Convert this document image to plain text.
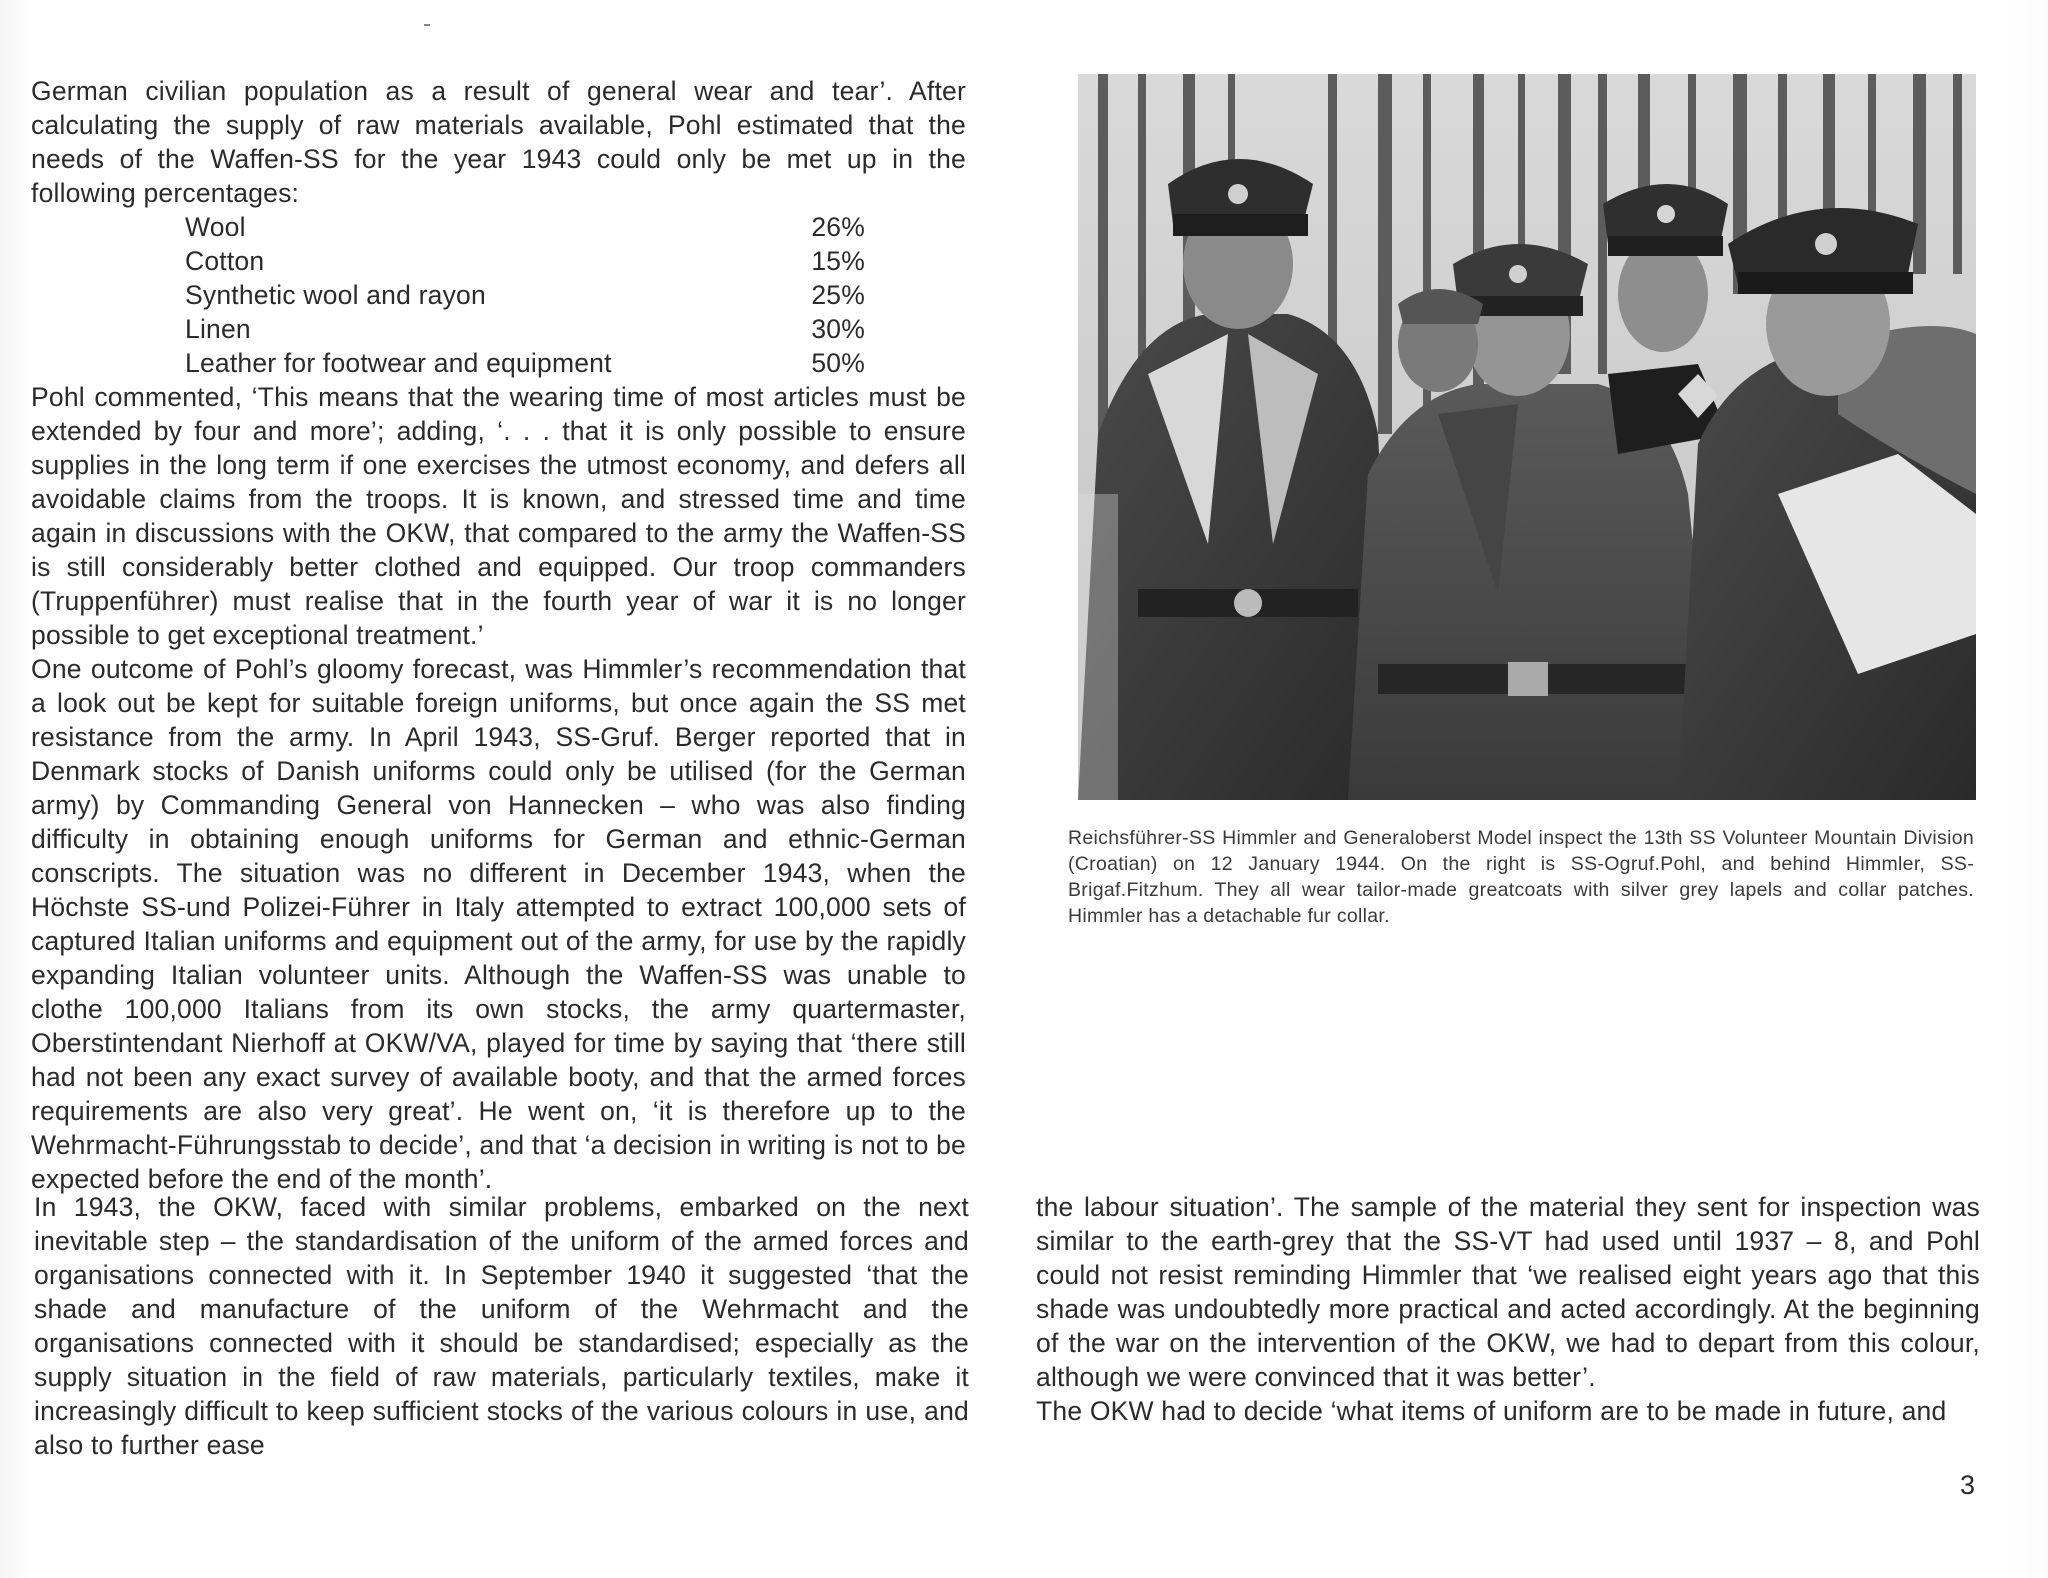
German civilian population as a result of general wear and tear’. After calculating the supply of raw materials available, Pohl estimated that the needs of the Waffen-SS for the year 1943 could only be met up in the following percentages:

Wool	26%
Cotton	15%
Synthetic wool and rayon	25%
Linen	30%
Leather for footwear and equipment	50%

Pohl commented, ‘This means that the wearing time of most articles must be extended by four and more’; adding, ‘. . . that it is only possible to ensure supplies in the long term if one exercises the utmost economy, and defers all avoidable claims from the troops. It is known, and stressed time and time again in discussions with the OKW, that compared to the army the Waffen-SS is still considerably better clothed and equipped. Our troop commanders (Truppenführer) must realise that in the fourth year of war it is no longer possible to get exceptional treatment.’

One outcome of Pohl’s gloomy forecast, was Himmler’s recommendation that a look out be kept for suitable foreign uniforms, but once again the SS met resistance from the army. In April 1943, SS-Gruf. Berger reported that in Denmark stocks of Danish uniforms could only be utilised (for the German army) by Commanding General von Hannecken – who was also finding difficulty in obtaining enough uniforms for German and ethnic-German conscripts. The situation was no different in December 1943, when the Höchste SS-und Polizei-Führer in Italy attempted to extract 100,000 sets of captured Italian uniforms and equipment out of the army, for use by the rapidly expanding Italian volunteer units. Although the Waffen-SS was unable to clothe 100,000 Italians from its own stocks, the army quartermaster, Oberstintendant Nierhoff at OKW/VA, played for time by saying that ‘there still had not been any exact survey of available booty, and that the armed forces requirements are also very great’. He went on, ‘it is therefore up to the Wehrmacht-Führungsstab to decide’, and that ‘a decision in writing is not to be expected before the end of the month’.

In 1943, the OKW, faced with similar problems, embarked on the next inevitable step – the standardisation of the uniform of the armed forces and organisations connected with it. In September 1940 it suggested ‘that the shade and manufacture of the uniform of the Wehrmacht and the organisations connected with it should be standardised; especially as the supply situation in the field of raw materials, particularly textiles, make it increasingly difficult to keep sufficient stocks of the various colours in use, and also to further ease

Reichsführer-SS Himmler and Generaloberst Model inspect the 13th SS Volunteer Mountain Division (Croatian) on 12 January 1944. On the right is SS-Ogruf.Pohl, and behind Himmler, SS-Brigaf.Fitzhum. They all wear tailor-made greatcoats with silver grey lapels and collar patches. Himmler has a detachable fur collar.

the labour situation’. The sample of the material they sent for inspection was similar to the earth-grey that the SS-VT had used until 1937 – 8, and Pohl could not resist reminding Himmler that ‘we realised eight years ago that this shade was undoubtedly more practical and acted accordingly. At the beginning of the war on the intervention of the OKW, we had to depart from this colour, although we were convinced that it was better’.

The OKW had to decide ‘what items of uniform are to be made in future, and

3
